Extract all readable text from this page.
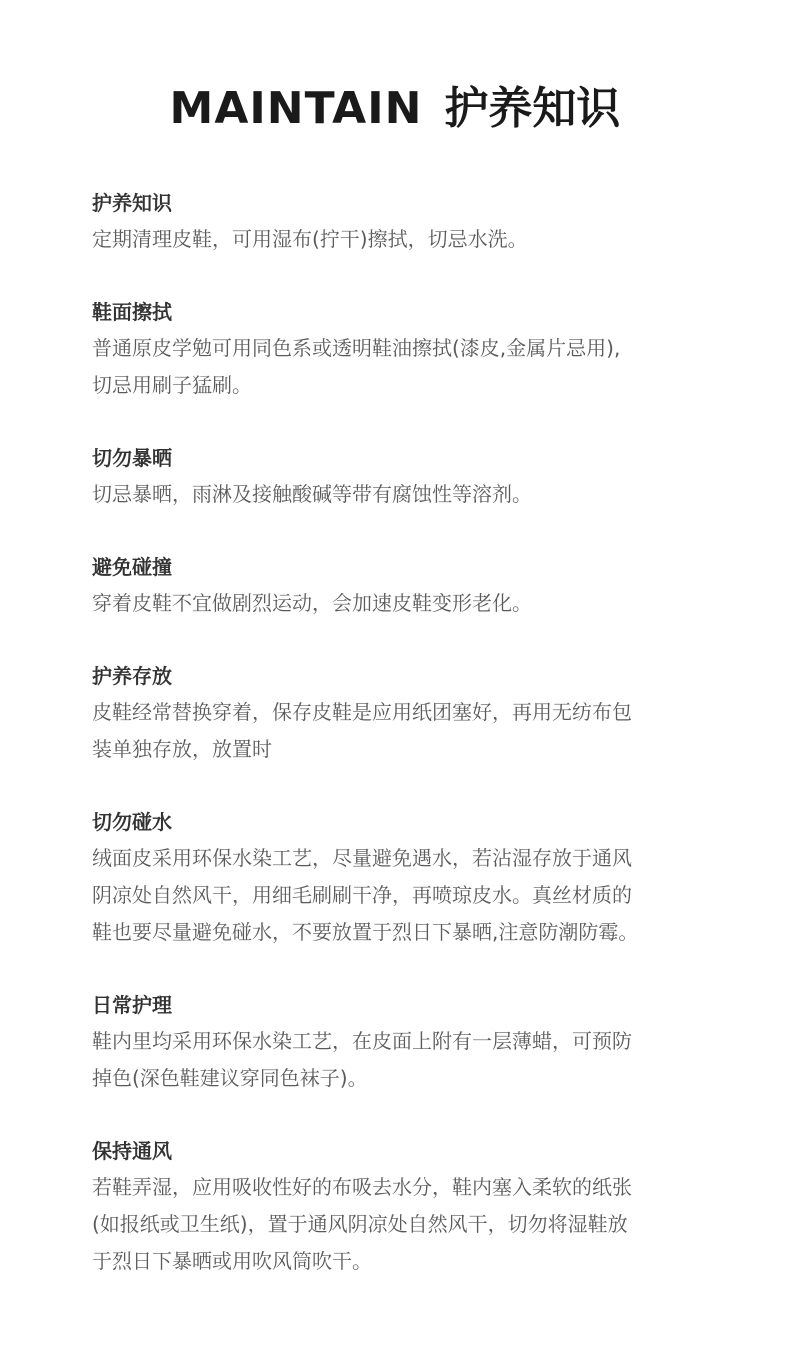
MAINTAIN 护养知识
护养知识
定期清理皮鞋，可用湿布(拧干)擦拭，切忌水洗。
鞋面擦拭
普通原皮学勉可用同色系或透明鞋油擦拭(漆皮,金属片忌用),
切忌用刷子猛刷。
切勿暴晒
切忌暴晒，雨淋及接触酸碱等带有腐蚀性等溶剂。
避免碰撞
穿着皮鞋不宜做剧烈运动，会加速皮鞋变形老化。
护养存放
皮鞋经常替换穿着，保存皮鞋是应用纸团塞好，再用无纺布包
装单独存放，放置时
切勿碰水
绒面皮采用环保水染工艺，尽量避免遇水，若沾湿存放于通风
阴凉处自然风干，用细毛刷刷干净，再喷琼皮水。真丝材质的
鞋也要尽量避免碰水，不要放置于烈日下暴晒,注意防潮防霉。
日常护理
鞋内里均采用环保水染工艺，在皮面上附有一层薄蜡，可预防
掉色(深色鞋建议穿同色袜子)。
保持通风
若鞋弄湿，应用吸收性好的布吸去水分，鞋内塞入柔软的纸张
(如报纸或卫生纸)，置于通风阴凉处自然风干，切勿将湿鞋放
于烈日下暴晒或用吹风筒吹干。
